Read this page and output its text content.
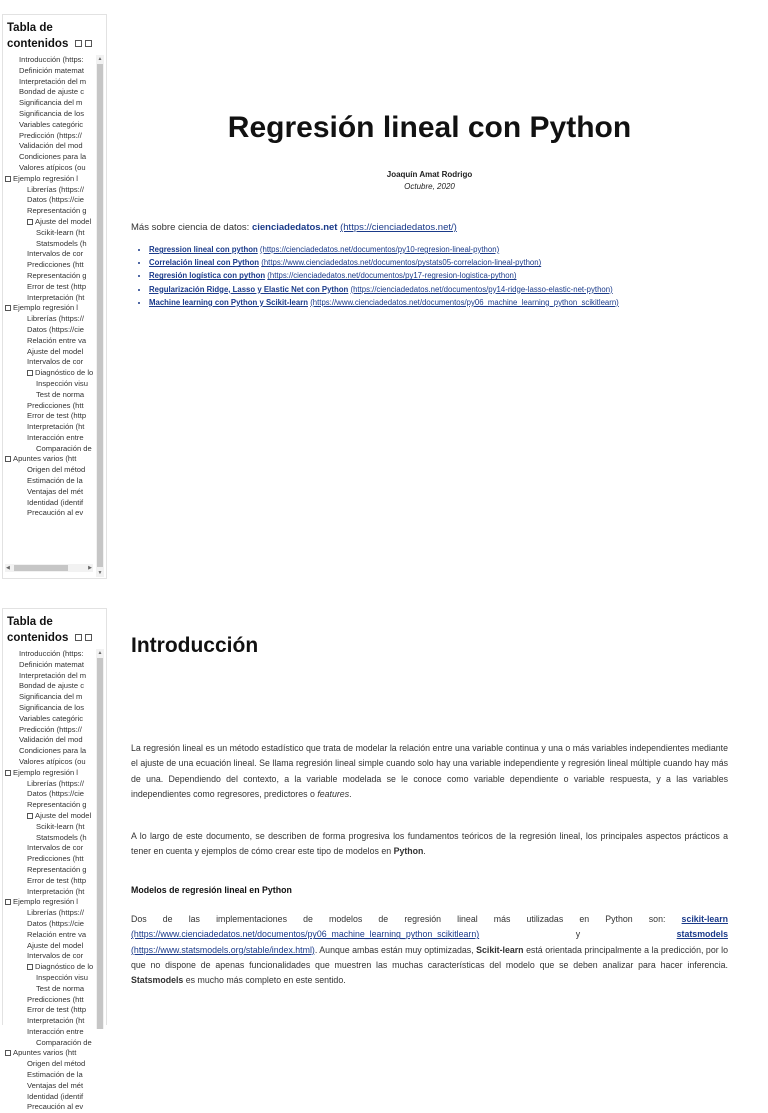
Tabla de
contenidos
Introducción (https:
Definición matemat
Interpretación del m
Bondad de ajuste c
Significancia del m
Significancia de los
Variables categóric
Predicción (https://
Validación del mod
Condiciones para la
Valores atípicos (ou
Ejemplo regresión l
Librerías (https://
Datos (https://cie
Representación g
Ajuste del model
Scikit-learn (ht
Statsmodels (h
Intervalos de cor
Predicciones (htt
Representación g
Error de test (http
Interpretación (ht
Ejemplo regresión l
Librerías (https://
Datos (https://cie
Relación entre va
Ajuste del model
Intervalos de cor
Diagnóstico de lo
Inspección visu
Test de norma
Predicciones (htt
Error de test (http
Interpretación (ht
Interacción entre
Comparación de
Apuntes varios (htt
Origen del métod
Estimación de la
Ventajas del mét
Identidad (identif
Precaución al ev
▲
▼
◀	▶
Regresión lineal con Python
Joaquín Amat Rodrigo
Octubre, 2020
Más sobre ciencia de datos: cienciadedatos.net (https://cienciadedatos.net/)
• Regression lineal con python (https://cienciadedatos.net/documentos/py10-regresion-lineal-python)
• Correlación lineal con Python (https://www.cienciadedatos.net/documentos/pystats05-correlacion-lineal-python)
• Regresión logística con python (https://cienciadedatos.net/documentos/py17-regresion-logistica-python)
• Regularización Ridge, Lasso y Elastic Net con Python (https://cienciadedatos.net/documentos/py14-ridge-lasso-elastic-net-python)
• Machine learning con Python y Scikit-learn (https://www.cienciadedatos.net/documentos/py06_machine_learning_python_scikitlearn)
Tabla de
contenidos
Introducción (https:
Definición matemat
Interpretación del m
Bondad de ajuste c
Significancia del m
Significancia de los
Variables categóric
Predicción (https://
Validación del mod
Condiciones para la
Valores atípicos (ou
Ejemplo regresión l
Librerías (https://
Datos (https://cie
Representación g
Ajuste del model
Scikit-learn (ht
Statsmodels (h
Intervalos de cor
Predicciones (htt
Representación g
Error de test (http
Interpretación (ht
Ejemplo regresión l
Librerías (https://
Datos (https://cie
Relación entre va
Ajuste del model
Intervalos de cor
Diagnóstico de lo
Inspección visu
Test de norma
Predicciones (htt
Error de test (http
Interpretación (ht
Interacción entre
Comparación de
Apuntes varios (htt
Origen del métod
Estimación de la
Ventajas del mét
Identidad (identif
Precaución al ev
▲ Introducción

La regresión lineal es un método estadístico que trata de modelar la relación entre una variable continua y una o más variables independientes mediante el ajuste de una ecuación lineal. Se llama regresión lineal simple cuando solo hay una variable independiente y regresión lineal múltiple cuando hay más de una. Dependiendo del contexto, a la variable modelada se le conoce como variable dependiente o variable respuesta, y a las variables independientes como regresores, predictores o features.

A lo largo de este documento, se describen de forma progresiva los fundamentos teóricos de la regresión lineal, los principales aspectos prácticos a tener en cuenta y ejemplos de cómo crear este tipo de modelos en Python.

Modelos de regresión lineal en Python

Dos de las implementaciones de modelos de regresión lineal más utilizadas en Python son: scikit-learn (https://www.cienciadedatos.net/documentos/py06_machine_learning_python_scikitlearn) y statsmodels (https://www.statsmodels.org/stable/index.html). Aunque ambas están muy optimizadas, Scikit-learn está orientada principalmente a la predicción, por lo que no dispone de apenas funcionalidades que muestren las muchas características del modelo que se deben analizar para hacer inferencia. Statsmodels es mucho más completo en este sentido.
